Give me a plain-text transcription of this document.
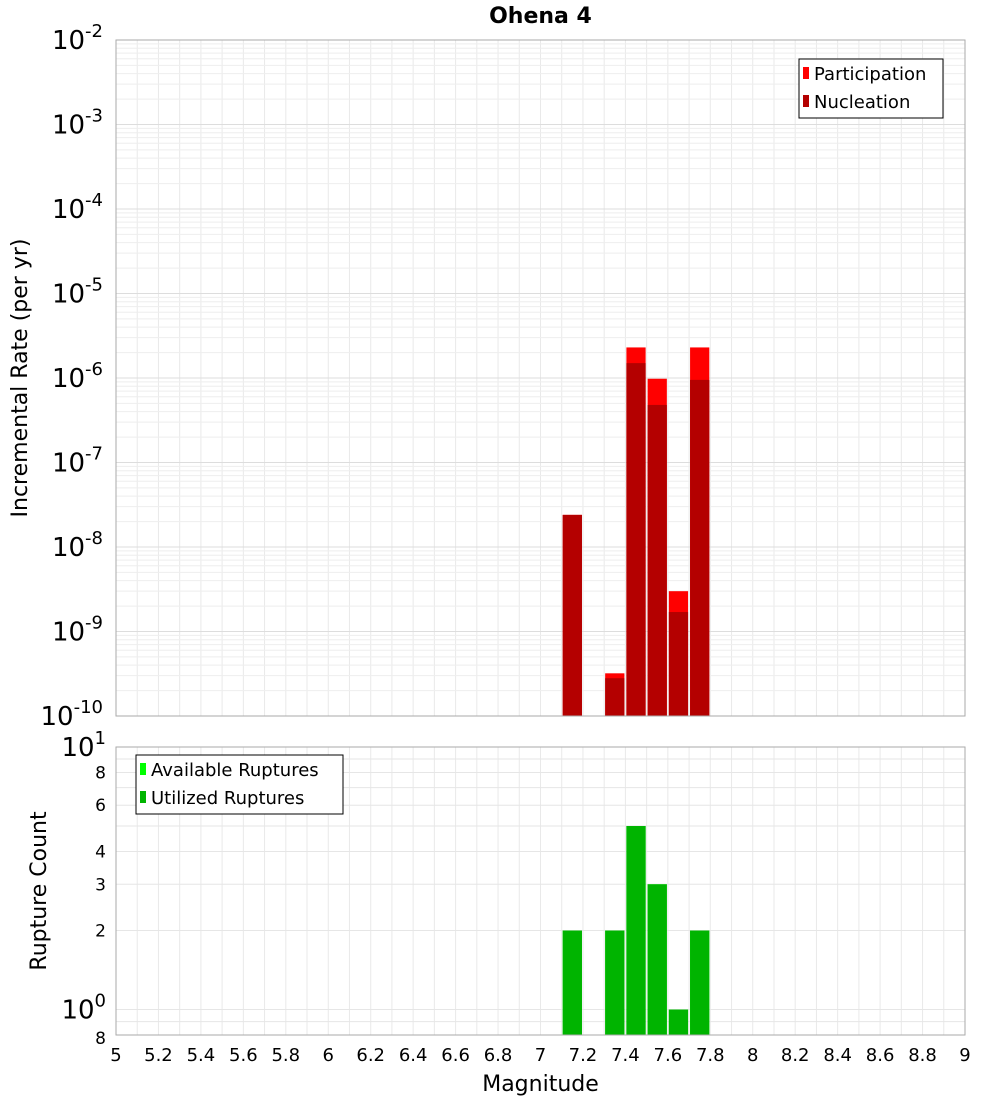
Ohena 4
$10^{-10}$
$10^{-9}$
$10^{-8}$
$10^{-7}$
$10^{-6}$
$10^{-5}$
$10^{-4}$
$10^{-3}$
$10^{-2}$
8
$10^0$
2
3
4
6
8
$10^1$
5 5.2 5.4 5.6 5.8 6 6.2 6.4 6.6 6.8 7 7.2 7.4 7.6 7.8 8 8.2 8.4 8.6 8.8 9
Magnitude
Incremental Rate (per yr)
Rupture Count
Participation
Nucleation
Available Ruptures
Utilized Ruptures
